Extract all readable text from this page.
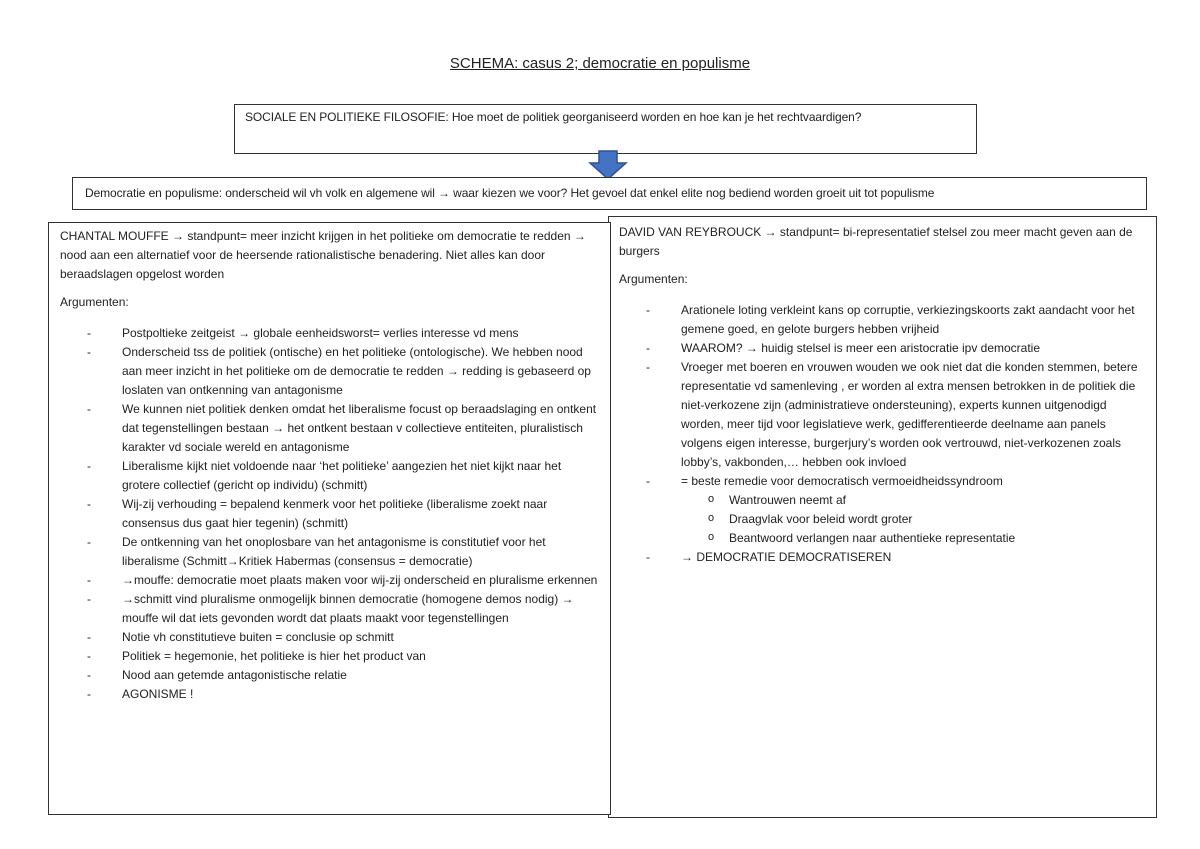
SCHEMA: casus 2; democratie en populisme
SOCIALE EN POLITIEKE FILOSOFIE: Hoe moet de politiek georganiseerd worden en hoe kan je het rechtvaardigen?
Democratie en populisme: onderscheid wil vh volk en algemene wil → waar kiezen we voor? Het gevoel dat enkel elite nog bediend worden groeit uit tot populisme

CHANTAL MOUFFE → standpunt= meer inzicht krijgen in het politieke om democratie te redden → nood aan een alternatief voor de heersende rationalistische benadering. Niet alles kan door beraadslagen opgelost worden

Argumenten:

- Postpoltieke zeitgeist → globale eenheidsworst= verlies interesse vd mens
- Onderscheid tss de politiek (ontische) en het politieke (ontologische). We hebben nood aan meer inzicht in het politieke om de democratie te redden → redding is gebaseerd op loslaten van ontkenning van antagonisme
- We kunnen niet politiek denken omdat het liberalisme focust op beraadslaging en ontkent dat tegenstellingen bestaan → het ontkent bestaan v collectieve entiteiten, pluralistisch karakter vd sociale wereld en antagonisme
- Liberalisme kijkt niet voldoende naar ‘het politieke’ aangezien het niet kijkt naar het grotere collectief (gericht op individu) (schmitt)
- Wij-zij verhouding = bepalend kenmerk voor het politieke (liberalisme zoekt naar consensus dus gaat hier tegenin) (schmitt)
- De ontkenning van het onoplosbare van het antagonisme is constitutief voor het liberalisme (Schmitt→Kritiek Habermas (consensus = democratie)
- →mouffe: democratie moet plaats maken voor wij-zij onderscheid en pluralisme erkennen
- →schmitt vind pluralisme onmogelijk binnen democratie (homogene demos nodig) → mouffe wil dat iets gevonden wordt dat plaats maakt voor tegenstellingen
- Notie vh constitutieve buiten = conclusie op schmitt
- Politiek = hegemonie, het politieke is hier het product van
- Nood aan getemde antagonistische relatie
- AGONISME !

DAVID VAN REYBROUCK → standpunt= bi-representatief stelsel zou meer macht geven aan de burgers

Argumenten:

- Arationele loting verkleint kans op corruptie, verkiezingskoorts zakt aandacht voor het gemene goed, en gelote burgers hebben vrijheid
- WAAROM? → huidig stelsel is meer een aristocratie ipv democratie
- Vroeger met boeren en vrouwen wouden we ook niet dat die konden stemmen, betere representatie vd samenleving , er worden al extra mensen betrokken in de politiek die niet-verkozene zijn (administratieve ondersteuning), experts kunnen uitgenodigd worden, meer tijd voor legislatieve werk, gedifferentieerde deelname aan panels volgens eigen interesse, burgerjury’s worden ook vertrouwd, niet-verkozenen zoals lobby’s, vakbonden,… hebben ook invloed
- = beste remedie voor democratisch vermoeidheidssyndroom
o Wantrouwen neemt af
o Draagvlak voor beleid wordt groter
o Beantwoord verlangen naar authentieke representatie
- → DEMOCRATIE DEMOCRATISEREN
